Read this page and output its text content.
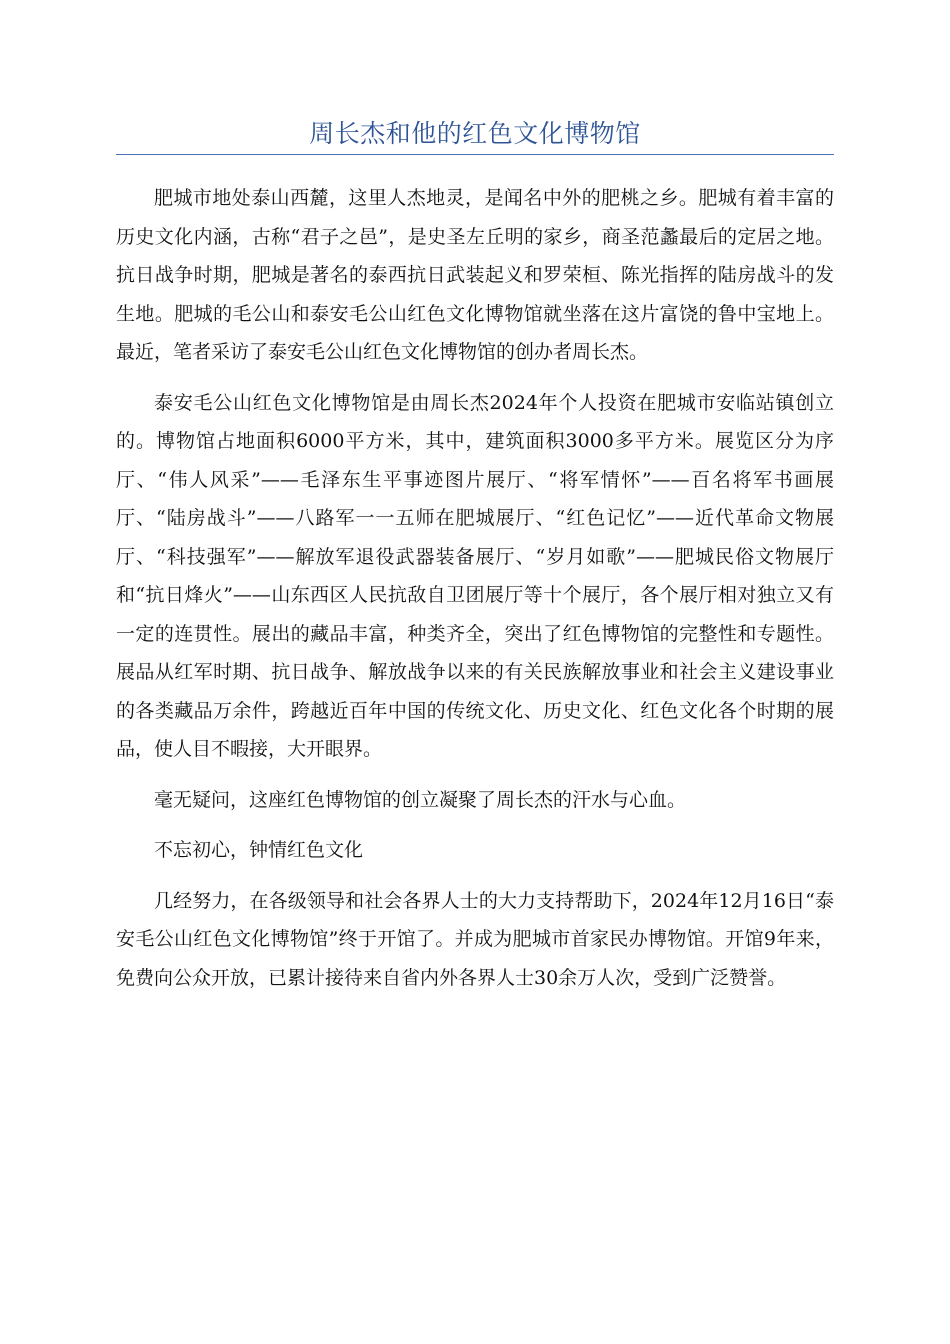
周长杰和他的红色文化博物馆

肥城市地处泰山西麓，这里人杰地灵，是闻名中外的肥桃之乡。肥城有着丰富的历史文化内涵，古称“君子之邑”，是史圣左丘明的家乡，商圣范蠡最后的定居之地。抗日战争时期，肥城是著名的泰西抗日武装起义和罗荣桓、陈光指挥的陆房战斗的发生地。肥城的毛公山和泰安毛公山红色文化博物馆就坐落在这片富饶的鲁中宝地上。最近，笔者采访了泰安毛公山红色文化博物馆的创办者周长杰。

泰安毛公山红色文化博物馆是由周长杰2024年个人投资在肥城市安临站镇创立的。博物馆占地面积6000平方米，其中，建筑面积3000多平方米。展览区分为序厅、“伟人风采”——毛泽东生平事迹图片展厅、“将军情怀”——百名将军书画展厅、“陆房战斗”——八路军一一五师在肥城展厅、“红色记忆”——近代革命文物展厅、“科技强军”——解放军退役武器装备展厅、“岁月如歌”——肥城民俗文物展厅和“抗日烽火”——山东西区人民抗敌自卫团展厅等十个展厅，各个展厅相对独立又有一定的连贯性。展出的藏品丰富，种类齐全，突出了红色博物馆的完整性和专题性。展品从红军时期、抗日战争、解放战争以来的有关民族解放事业和社会主义建设事业的各类藏品万余件，跨越近百年中国的传统文化、历史文化、红色文化各个时期的展品，使人目不暇接，大开眼界。

毫无疑问，这座红色博物馆的创立凝聚了周长杰的汗水与心血。

不忘初心，钟情红色文化

几经努力，在各级领导和社会各界人士的大力支持帮助下，2024年12月16日“泰安毛公山红色文化博物馆”终于开馆了。并成为肥城市首家民办博物馆。开馆9年来，免费向公众开放，已累计接待来自省内外各界人士30余万人次，受到广泛赞誉。
